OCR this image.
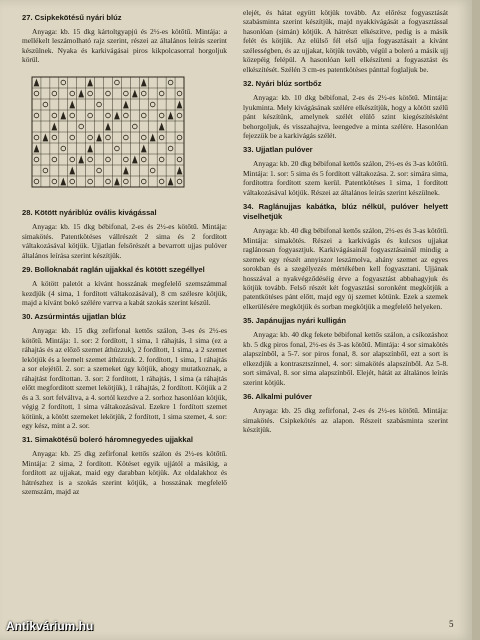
27. Csipkekötésű nyári blúz
Anyaga: kb. 15 dkg kártoltgyapjú és 2½-es kötőtű. Mintája: a mellékelt leszámolható rajz szerint, részei az általános leírás szerint készülnek. Nyaka és karkivágásai piros kikpolcasorral horgoljuk körül.
28. Kötött nyáriblúz ovális kivágással
Anyaga: kb. 15 dkg bébifonal, 2-es és 2½-es kötőtű. Mintája: simakötés. Patentkötéses vállrészét 2 sima és 2 fordított váltakozásával kötjük. Ujjatlan felsőrészét a bevarrott ujjas pulóver általános leírása szerint készítjük.
29. Bolloknabát raglán ujjakkal és kötött szegéllyel
A kötött paletót a kívánt hosszának megfelelő szemszámmal kezdjük (4 sima, 1 fordított váltakozásával), 8 cm szélesre kötjük, majd a kívánt bokó szélére varrva a kabát szokás szerint készül.
30. Azsúrmintás ujjatlan blúz
Anyaga: kb. 15 dkg zefírfonal kettős szálon, 3-es és 2½-es kötőtű. Mintája: 1. sor: 2 fordított, 1 sima, 1 ráhajtás, 1 sima (ez a ráhajtás és az előző szemet áthúzzuk), 2 fordított, 1 sima, a 2 szemet lekötjük és a leemelt szemet áthúzzuk. 2. fordított, 1 sima, 1 ráhajtás a sor elejétől. 2. sor: a szemeket úgy kötjük, ahogy mutatkoznak, a ráhajtást fordítottan. 3. sor: 2 fordított, 1 ráhajtás, 1 sima (a ráhajtás előtt megfordított szemet lekötjük), 1 ráhajtás, 2 fordított. Kötjük a 2 és a 3. sort felváltva, a 4. sortól kezdve a 2. sorhoz hasonlóan kötjük, végig 2 fordított, 1 sima váltakozásával. Ezekre 1 fordított szemet kötünk, a kötött szemeket lekötjük, 2 fordított, 1 sima szemet, 4. sor: egy kész, mint a 2. sor.
31. Simakötésű boleró háromnegyedes ujjakkal
Anyaga: kb. 25 dkg zefírfonal kettős szálon és 2½-es kötőtű. Mintája: 2 sima, 2 fordított. Kötéset egyik ujjától a másikig, a fordított az ujjakat, maid egy darabban kötjük. Az oldalakhoz és hátrészhez is a szokás szerint kötjük, a hosszának megfelelő szemszám, majd az
elejét, és hátat együtt kötjük tovább. Az előrész fogyasztását szabásminta szerint készítjük, majd nyakkivágását a fogyasztással hasonlóan (simán) kötjük. A hátrészt elkészítve, pedig is a másik felét és kötjük. Az elülső fél első ujja fogyasztásait a kívánt szélességben, és az ujjakat, kötjük tovább, végül a boleró a másik ujj közepéig felépül. A hasonlóan kell elkészíteni a fogyasztást és elkészítését. Szélén 3 cm-es patentkötéses pánttal foglaljuk be.
32. Nyári blúz sortbőz
Anyaga: kb. 10 dkg bébifonal, 2-es és 2½-es kötőtű. Mintája: lyukminta. Mely kivágásának szélére elkészítjük, hogy a kötött szélű pánt készítünk, amelynek szélét elülő szint kiegészítésként behorgoljuk, és visszahajtva, leengedve a minta szélére. Hasonlóan fejezzük be a karkivágás szélét.
33. Ujjatlan pulóver
Anyaga: kb. 20 dkg bébifonal kettős szálon, 2½-es és 3-as kötőtű. Mintája: 1. sor: 5 sima és 5 fordított váltakozása. 2. sor: simára sima, fordítottra fordított szem kerül. Patentkötéses 1 sima, 1 fordított váltakozásával kötjük. Részei az általános leírás szerint készülnek.
34. Raglánujjas kabátka, blúz nélkül, pulóver helyett viselhetjük
Anyaga: kb. 40 dkg bébifonal kettős szálon, 2½-es és 3-as kötőtű. Mintája: simakötés. Részei a karkivágás és kulcsos ujjakat raglánosan fogyasztjuk. Karkivágásainál fogyasztásainál mindig a szemek egy részét annyiszor leszámolva, ahány szemet az egyes sorokban és a szegélyezés mértékében kell fogyasztani. Ujjának hosszával a nyakvégződéséig érve a fogyasztást abbahagyjuk és kötjük tovább. Felső részét két fogyasztási soronként megkötjük a patentkötéses pánt előtt, majd egy új szemet kötünk. Ezek a szemek elkerülésére megkötjük és sorban megkötjük a megfelelő helyeken.
35. Japánujjas nyári kulligán
Anyaga: kb. 40 dkg fekete bébifonal kettős szálon, a csíkozáshoz kb. 5 dkg piros fonal, 2½-es és 3-as kötőtű. Mintája: 4 sor simakötés alapszínből, a 5-7. sor piros fonal, 8. sor alapszínből, ezt a sort is elkezdjük a kontrasztszínnel, 4. sor: simakötés alapszínből. Az 5-8. sort simával, 8. sor sima alapszínből. Elejét, hátát az általános leírás szerint kötjük.
36. Alkalmi pulóver
Anyaga: kb. 25 dkg zefírfonal, 2-es és 2½-es kötőtű. Mintája: simakötés. Csipkekötés az alapon. Részeit szabásminta szerint készítjük.
Antikvárium.hu	5
